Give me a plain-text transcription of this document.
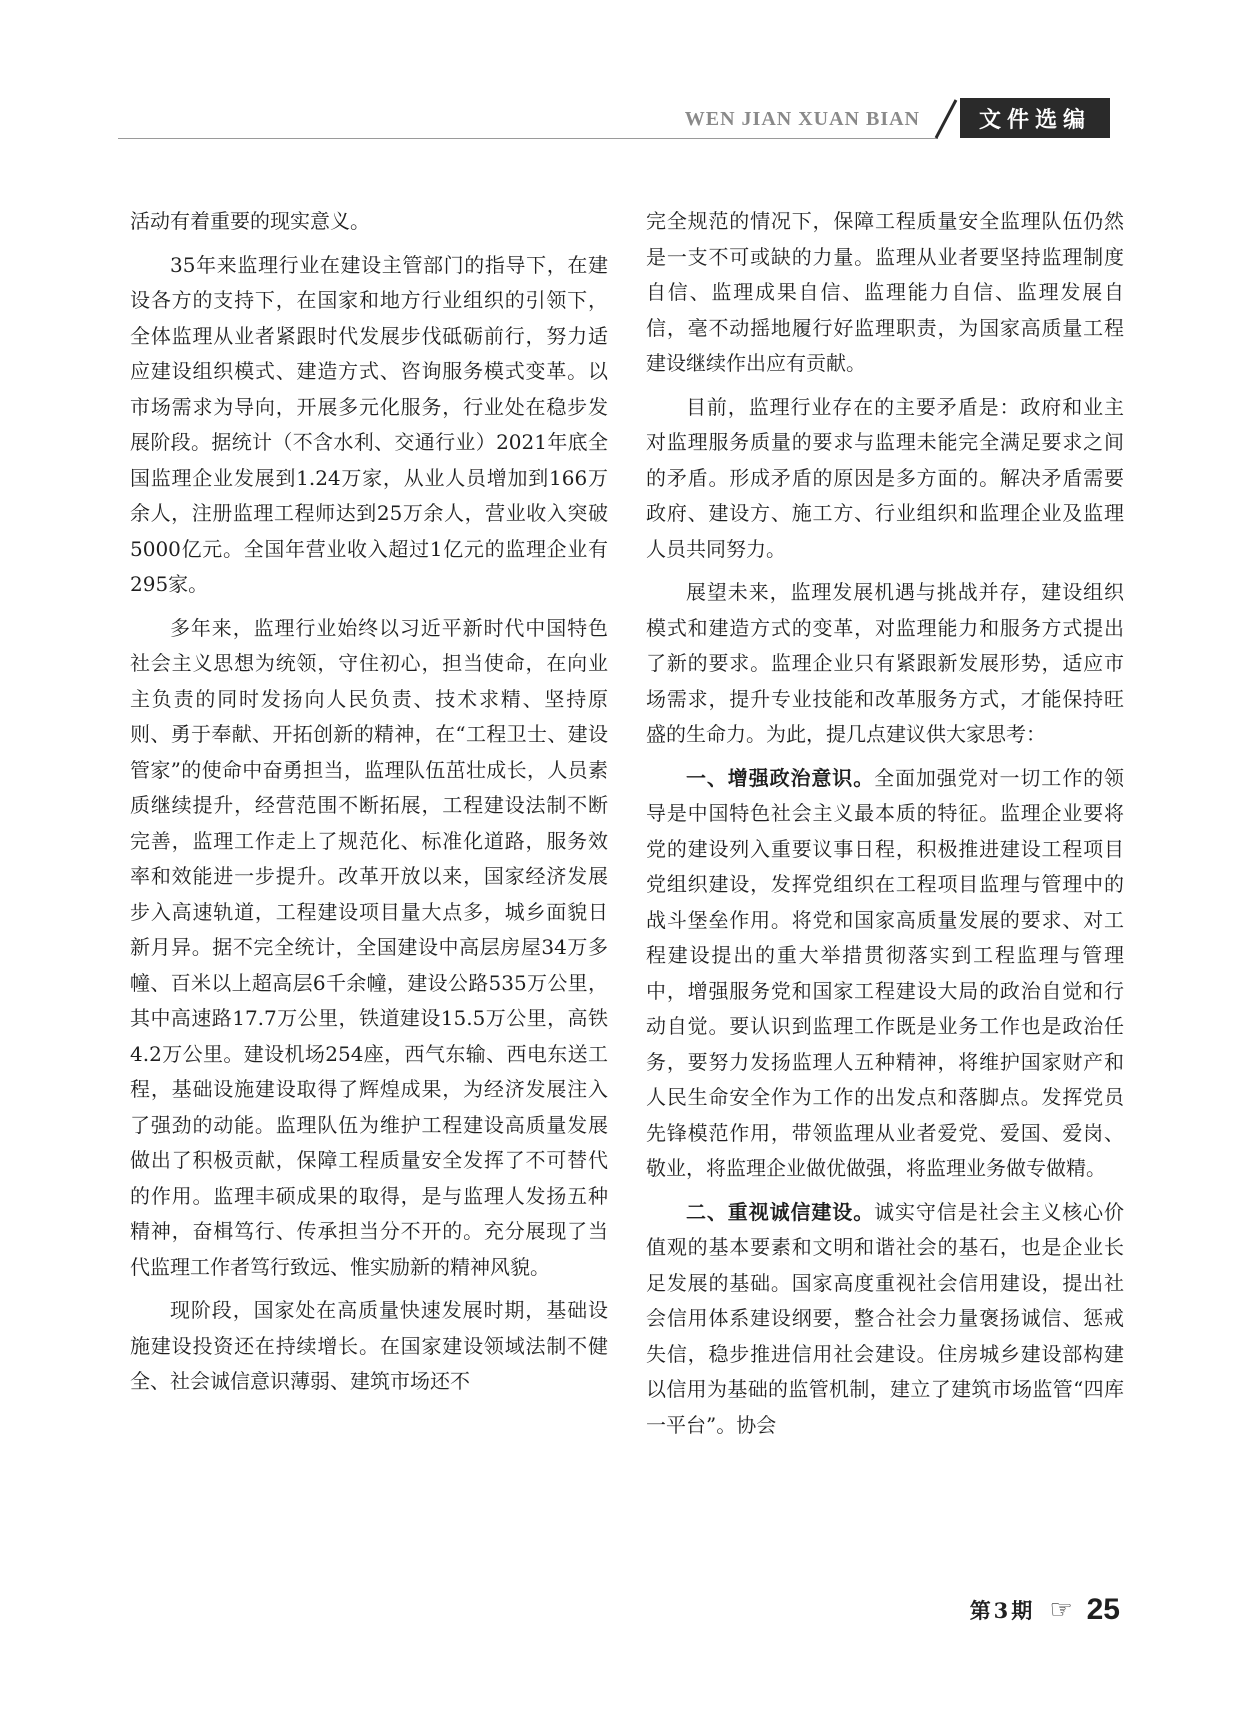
WEN JIAN XUAN BIAN	文件选编

活动有着重要的现实意义。

35年来监理行业在建设主管部门的指导下，在建设各方的支持下，在国家和地方行业组织的引领下，全体监理从业者紧跟时代发展步伐砥砺前行，努力适应建设组织模式、建造方式、咨询服务模式变革。以市场需求为导向，开展多元化服务，行业处在稳步发展阶段。据统计（不含水利、交通行业）2021年底全国监理企业发展到1.24万家，从业人员增加到166万余人，注册监理工程师达到25万余人，营业收入突破5000亿元。全国年营业收入超过1亿元的监理企业有295家。

多年来，监理行业始终以习近平新时代中国特色社会主义思想为统领，守住初心，担当使命，在向业主负责的同时发扬向人民负责、技术求精、坚持原则、勇于奉献、开拓创新的精神，在“工程卫士、建设管家”的使命中奋勇担当，监理队伍茁壮成长，人员素质继续提升，经营范围不断拓展，工程建设法制不断完善，监理工作走上了规范化、标准化道路，服务效率和效能进一步提升。改革开放以来，国家经济发展步入高速轨道，工程建设项目量大点多，城乡面貌日新月异。据不完全统计，全国建设中高层房屋34万多幢、百米以上超高层6千余幢，建设公路535万公里，其中高速路17.7万公里，铁道建设15.5万公里，高铁4.2万公里。建设机场254座，西气东输、西电东送工程，基础设施建设取得了辉煌成果，为经济发展注入了强劲的动能。监理队伍为维护工程建设高质量发展做出了积极贡献，保障工程质量安全发挥了不可替代的作用。监理丰硕成果的取得，是与监理人发扬五种精神，奋楫笃行、传承担当分不开的。充分展现了当代监理工作者笃行致远、惟实励新的精神风貌。

现阶段，国家处在高质量快速发展时期，基础设施建设投资还在持续增长。在国家建设领域法制不健全、社会诚信意识薄弱、建筑市场还不

完全规范的情况下，保障工程质量安全监理队伍仍然是一支不可或缺的力量。监理从业者要坚持监理制度自信、监理成果自信、监理能力自信、监理发展自信，毫不动摇地履行好监理职责，为国家高质量工程建设继续作出应有贡献。

目前，监理行业存在的主要矛盾是：政府和业主对监理服务质量的要求与监理未能完全满足要求之间的矛盾。形成矛盾的原因是多方面的。解决矛盾需要政府、建设方、施工方、行业组织和监理企业及监理人员共同努力。

展望未来，监理发展机遇与挑战并存，建设组织模式和建造方式的变革，对监理能力和服务方式提出了新的要求。监理企业只有紧跟新发展形势，适应市场需求，提升专业技能和改革服务方式，才能保持旺盛的生命力。为此，提几点建议供大家思考：

一、增强政治意识。全面加强党对一切工作的领导是中国特色社会主义最本质的特征。监理企业要将党的建设列入重要议事日程，积极推进建设工程项目党组织建设，发挥党组织在工程项目监理与管理中的战斗堡垒作用。将党和国家高质量发展的要求、对工程建设提出的重大举措贯彻落实到工程监理与管理中，增强服务党和国家工程建设大局的政治自觉和行动自觉。要认识到监理工作既是业务工作也是政治任务，要努力发扬监理人五种精神，将维护国家财产和人民生命安全作为工作的出发点和落脚点。发挥党员先锋模范作用，带领监理从业者爱党、爱国、爱岗、敬业，将监理企业做优做强，将监理业务做专做精。

二、重视诚信建设。诚实守信是社会主义核心价值观的基本要素和文明和谐社会的基石，也是企业长足发展的基础。国家高度重视社会信用建设，提出社会信用体系建设纲要，整合社会力量褒扬诚信、惩戒失信，稳步推进信用社会建设。住房城乡建设部构建以信用为基础的监管机制，建立了建筑市场监管“四库一平台”。协会

第3期 ☞ 25
